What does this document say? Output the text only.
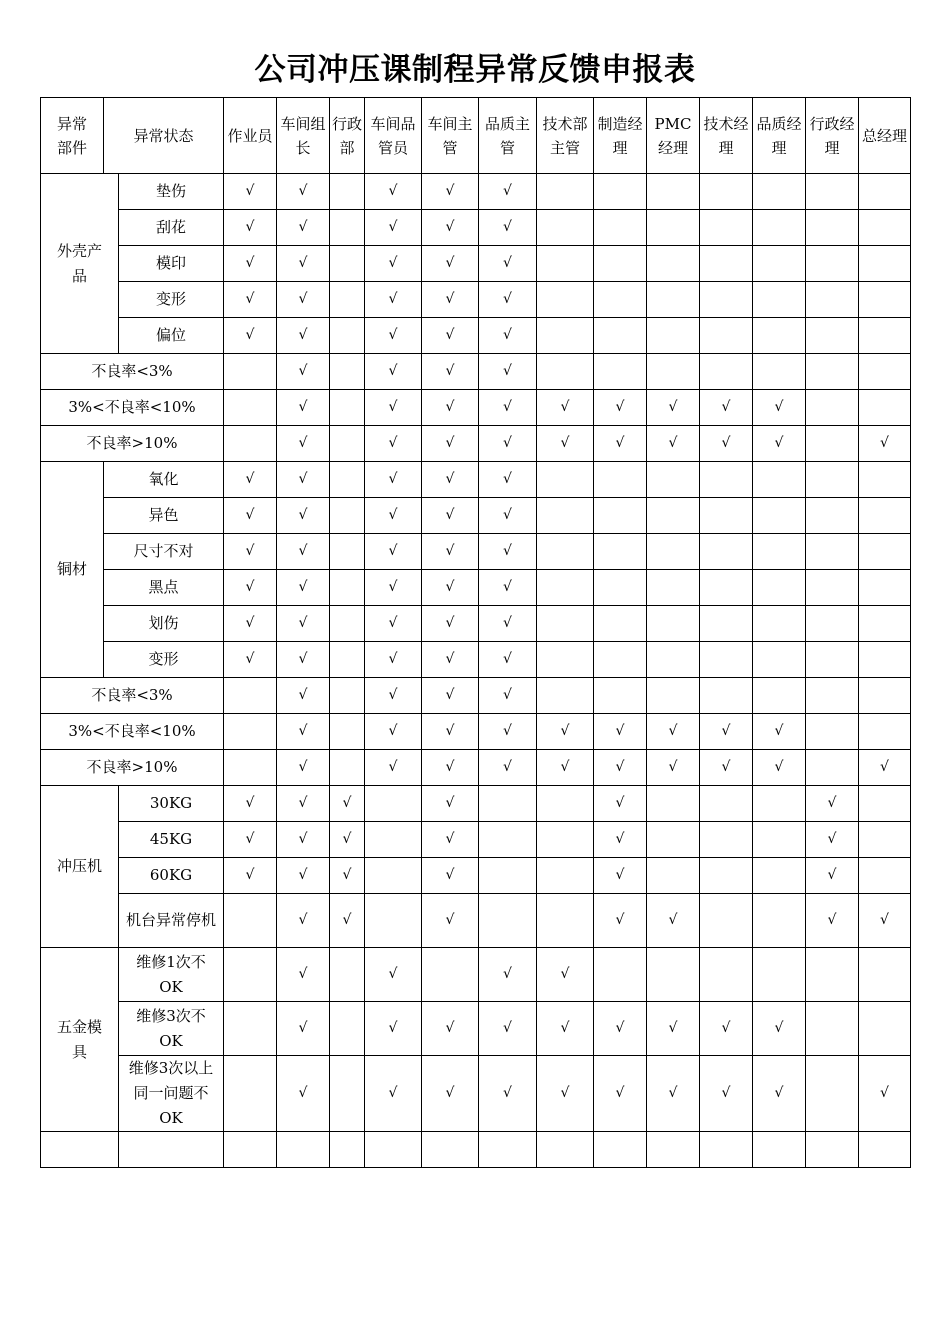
公司冲压课制程异常反馈申报表
异常部件	异常状态		作业员	车间组长	行政部	车间品管员	车间主管	品质主管	技术部主管	制造经理	PMC经理	技术经理	品质经理	行政经理	总经理
外壳产品		垫伤	√	√		√	√	√							
		刮花	√	√		√	√	√							
		模印	√	√		√	√	√							
		变形	√	√		√	√	√							
		偏位	√	√		√	√	√							
不良率<3%				√		√	√	√							
3%<不良率<10%				√		√	√	√	√	√	√	√	√		
不良率>10%				√		√	√	√	√	√	√	√	√		√
铜材	氧化		√	√		√	√	√							
	异色		√	√		√	√	√							
	尺寸不对		√	√		√	√	√							
	黑点		√	√		√	√	√							
	划伤		√	√		√	√	√							
	变形		√	√		√	√	√							
不良率<3%				√		√	√	√							
3%<不良率<10%				√		√	√	√	√	√	√	√	√		
不良率>10%				√		√	√	√	√	√	√	√	√		√
冲压机		30KG	√	√	√		√			√				√	
		45KG	√	√	√		√			√				√	
		60KG	√	√	√		√			√				√	
		机台异常停机		√	√		√			√	√			√	√
五金模具		维修1次不OK		√		√		√	√						
		维修3次不OK		√		√	√	√	√	√	√	√	√		
		维修3次以上同一问题不OK		√		√	√	√	√	√	√	√	√		√
